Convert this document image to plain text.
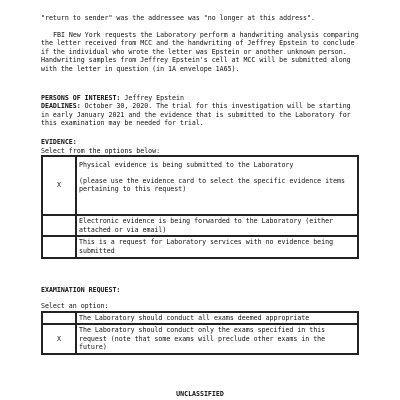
"return to sender" was the addressee was "no longer at this address".

FBI New York requests the Laboratory perform a handwriting analysis comparing the letter received from MCC and the handwriting of Jeffrey Epstein to conclude if the individual who wrote the letter was Epstein or another unknown person. Handwriting samples from Jeffrey Epstein's cell at MCC will be submitted along with the letter in question (in 1A envelope 1A65).

PERSONS OF INTEREST: Jeffrey Epstein

DEADLINES: October 30, 2020. The trial for this investigation will be starting in early January 2021 and the evidence that is submitted to the Laboratory for this examination may be needed for trial.

EVIDENCE:

Select from the options below:

X	Physical evidence is being submitted to the Laboratory
(please use the evidence card to select the specific evidence items pertaining to this request)

	Electronic evidence is being forwarded to the Laboratory (either attached or via email)
	This is a request for Laboratory services with no evidence being submitted

EXAMINATION REQUEST:

Select an option:

	The Laboratory should conduct all exams deemed appropriate
X	The Laboratory should conduct only the exams specified in this request (note that some exams will preclude other exams in the future)
UNCLASSIFIED
